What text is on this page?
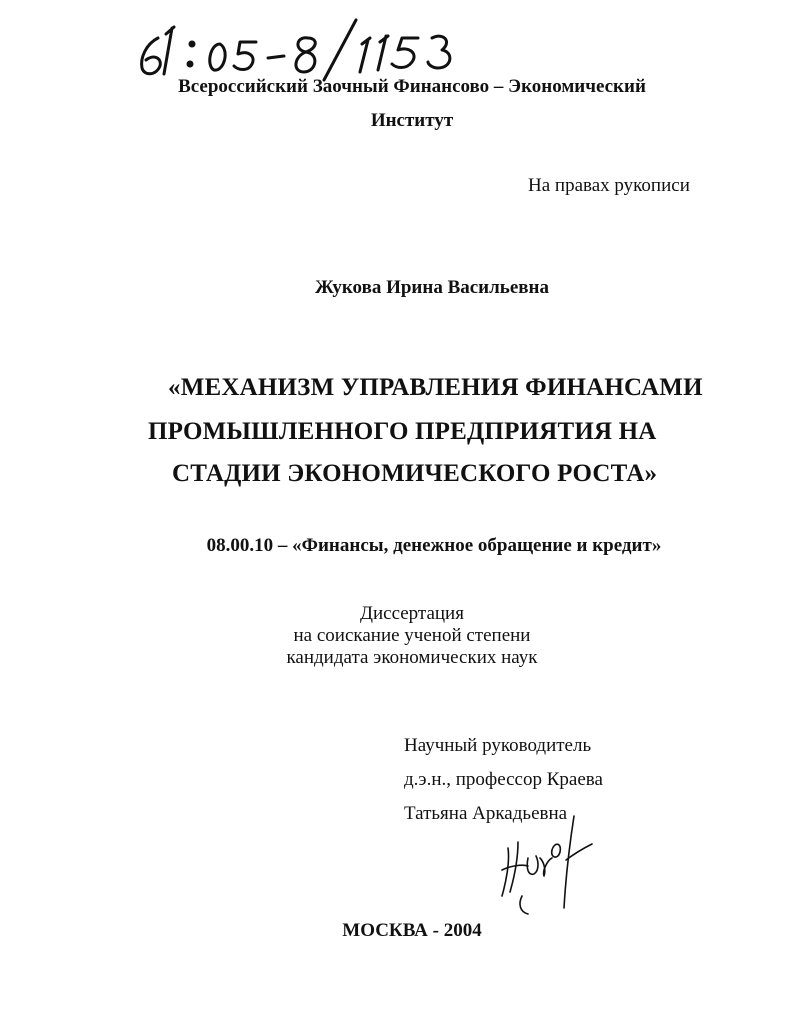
Всероссийский Заочный Финансово – Экономический
Институт
На правах рукописи
Жукова Ирина Васильевна
«МЕХАНИЗМ УПРАВЛЕНИЯ ФИНАНСАМИ
ПРОМЫШЛЕННОГО ПРЕДПРИЯТИЯ НА
СТАДИИ ЭКОНОМИЧЕСКОГО РОСТА»
08.00.10 – «Финансы, денежное обращение и кредит»
Диссертация
на соискание ученой степени
кандидата экономических наук
Научный руководитель
д.э.н., профессор Краева
Татьяна Аркадьевна
МОСКВА - 2004
